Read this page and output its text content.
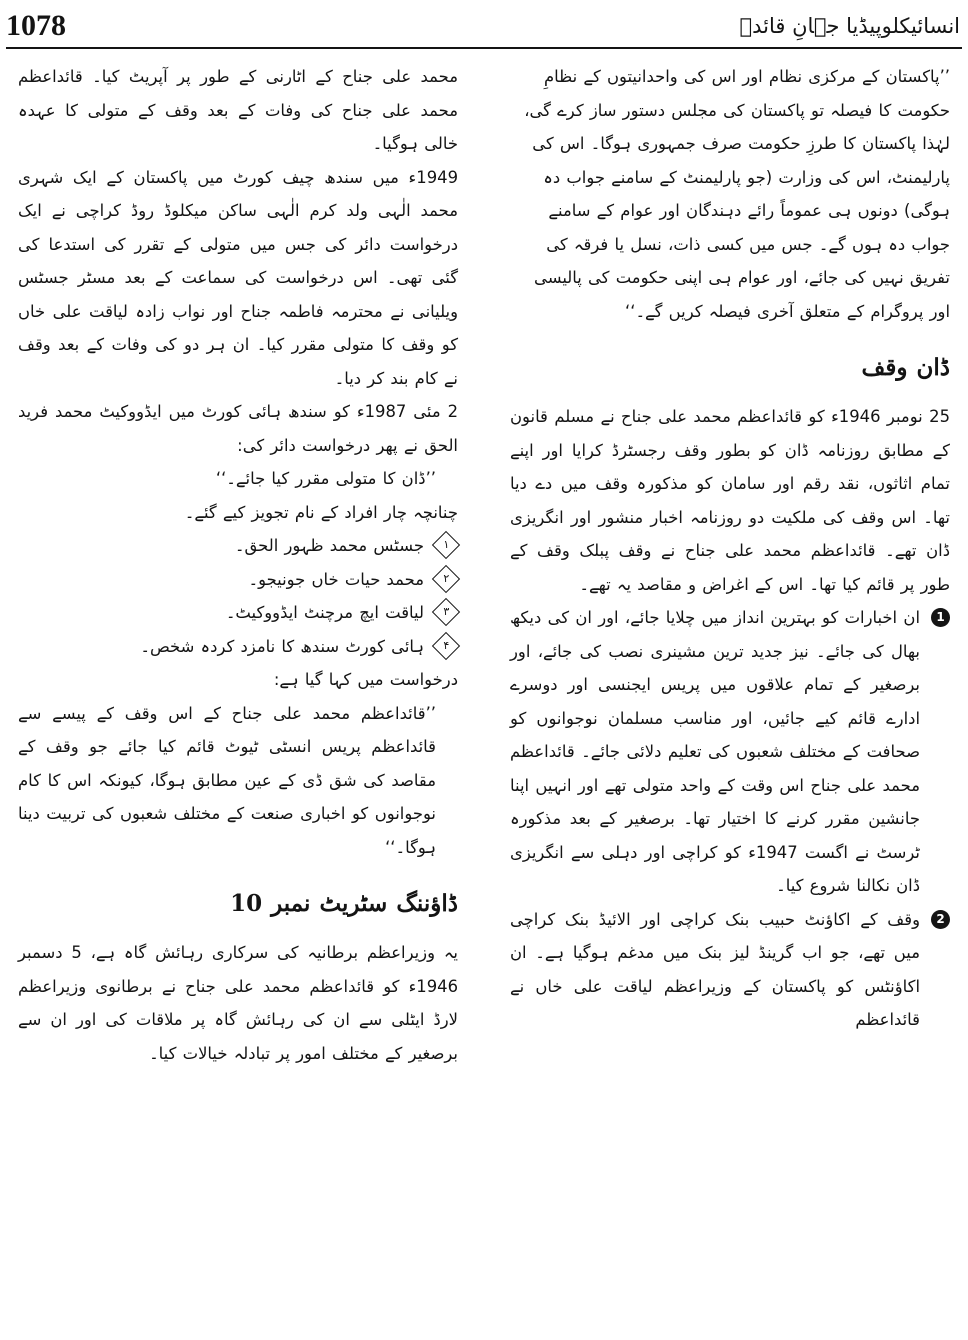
1078	انسائیکلوپیڈیا جہانِ قائدؒ

’’پاکستان کے مرکزی نظام اور اس کی واحدانیتوں کے نظامِ حکومت کا فیصلہ تو پاکستان کی مجلس دستور ساز کرے گی، لہٰذا پاکستان کا طرزِ حکومت صرف جمہوری ہوگا۔ اس کی پارلیمنٹ، اس کی وزارت (جو پارلیمنٹ کے سامنے جواب دہ ہوگی) دونوں ہی عموماً رائے دہندگان اور عوام کے سامنے جواب دہ ہوں گے۔ جس میں کسی ذات، نسل یا فرقہ کی تفریق نہیں کی جائے، اور عوام ہی اپنی حکومت کی پالیسی اور پروگرام کے متعلق آخری فیصلہ کریں گے۔‘‘

ڈان وقف

25 نومبر 1946ء کو قائداعظم محمد علی جناح نے مسلم قانون کے مطابق روزنامہ ڈان کو بطور وقف رجسٹرڈ کرایا اور اپنے تمام اثاثوں، نقد رقم اور سامان کو مذکورہ وقف میں دے دیا تھا۔ اس وقف کی ملکیت دو روزنامہ اخبار منشور اور انگریزی ڈان تھے۔ قائداعظم محمد علی جناح نے وقف پبلک وقف کے طور پر قائم کیا تھا۔ اس کے اغراض و مقاصد یہ تھے۔

1

ان اخبارات کو بہترین انداز میں چلایا جائے، اور ان کی دیکھ بھال کی جائے۔ نیز جدید ترین مشینری نصب کی جائے، اور برصغیر کے تمام علاقوں میں پریس ایجنسی اور دوسرے ادارے قائم کیے جائیں، اور مناسب مسلمان نوجوانوں کو صحافت کے مختلف شعبوں کی تعلیم دلائی جائے۔ قائداعظم محمد علی جناح اس وقت کے واحد متولی تھے اور انہیں اپنا جانشین مقرر کرنے کا اختیار تھا۔ برصغیر کے بعد مذکورہ ٹرسٹ نے اگست 1947ء کو کراچی اور دہلی سے انگریزی ڈان نکالنا شروع کیا۔

2

وقف کے اکاؤنٹ حبیب بنک کراچی اور الائیڈ بنک کراچی میں تھے، جو اب گرینڈ لیز بنک میں مدغم ہوگیا ہے۔ ان اکاؤنٹس کو پاکستان کے وزیراعظم لیاقت علی خاں نے قائداعظم

محمد علی جناح کے اٹارنی کے طور پر آپریٹ کیا۔ قائداعظم محمد علی جناح کی وفات کے بعد وقف کے متولی کا عہدہ خالی ہوگیا۔

1949ء میں سندھ چیف کورٹ میں پاکستان کے ایک شہری محمد الٰہی ولد کرم الٰہی ساکن میکلوڈ روڈ کراچی نے ایک درخواست دائر کی جس میں متولی کے تقرر کی استدعا کی گئی تھی۔ اس درخواست کی سماعت کے بعد مسٹر جسٹس ویلیانی نے محترمہ فاطمہ جناح اور نواب زادہ لیاقت علی خاں کو وقف کا متولی مقرر کیا۔ ان ہر دو کی وفات کے بعد وقف نے کام بند کر دیا۔

2 مئی 1987ء کو سندھ ہائی کورٹ میں ایڈووکیٹ محمد فرید الحق نے پھر درخواست دائر کی:

’’ڈان کا متولی مقرر کیا جائے۔‘‘

چنانچہ چار افراد کے نام تجویز کیے گئے۔

۱
جسٹس محمد ظہور الحق۔
۲
محمد حیات خاں جونیجو۔
۳
لیاقت ایچ مرچنٹ ایڈووکیٹ۔
۴
ہائی کورٹ سندھ کا نامزد کردہ شخص۔

درخواست میں کہا گیا ہے:

’’قائداعظم محمد علی جناح کے اس وقف کے پیسے سے قائداعظم پریس انسٹی ٹیوٹ قائم کیا جائے جو وقف کے مقاصد کی شق ڈی کے عین مطابق ہوگا، کیونکہ اس کا کام نوجوانوں کو اخباری صنعت کے مختلف شعبوں کی تربیت دینا ہوگا۔‘‘

ڈاؤننگ سٹریٹ نمبر 10

یہ وزیراعظم برطانیہ کی سرکاری رہائش گاہ ہے، 5 دسمبر 1946ء کو قائداعظم محمد علی جناح نے برطانوی وزیراعظم لارڈ ایٹلی سے ان کی رہائش گاہ پر ملاقات کی اور ان سے برصغیر کے مختلف امور پر تبادلہ خیالات کیا۔
